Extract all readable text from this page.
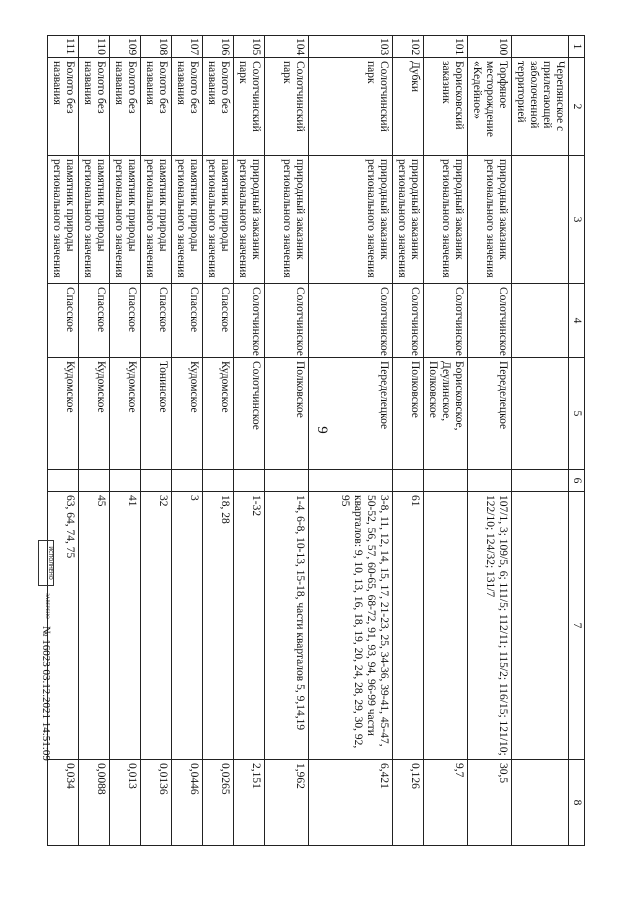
9
1	2	3	4	5	6	7	8
	Черепянское с прилегающей заболоченной территорией						
100	Торфяное месторождение «Кедейное»	природный заказник регионального значения	Солотчинское	Переделецкое		107/1, 3; 109/5, 6; 111/5; 112/11; 115/2; 116/15; 121/10; 122/10; 124/32; 131/7	30,5
101	Борисковский заказник	природный заказник регионального значения	Солотчинское	Борисковское, Деулинское, Полковское			9,7
102	Дубки	природный заказник регионального значения	Солотчинское	Полковское		61	0,126
103	Солотчинский парк	природный заказник регионального значения	Солотчинское	Переделецкое		3-8, 11, 12, 14, 15, 17, 21-23, 25, 34-36, 39-41, 45-47, 50-52, 56, 57, 60-65, 68-72, 91, 93, 94, 96-99 части кварталов: 9, 10, 13, 16, 18, 19, 20, 24, 28, 29, 30, 92, 95	6,421
104	Солотчинский парк	природный заказник регионального значения	Солотчинское	Полковское		1-4, 6-8, 10-13, 15-18, части кварталов 5, 9,14,19	1,962
105	Солотчинский парк	природный заказник регионального значения	Солотчинское	Солотчинское		1-32	2,151
106	Болото без названия	памятник природы регионального значения	Спасское	Кудомское		18, 28	0,0265
107	Болото без названия	памятник природы регионального значения	Спасское	Кудомское		3	0,0446
108	Болото без названия	памятник природы регионального значения	Спасское	Тонинское		32	0,0136
109	Болото без названия	памятник природы регионального значения	Спасское	Кудомское		41	0,013
110	Болото без названия	памятник природы регионального значения	Спасское	Кудомское		45	0,0088
111	Болото без названия	памятник природы регионального значения	Спасское	Кудомское		63, 64, 74, 75	0,034
ИСПОЛНЕНО
ЗАВЕРЕНО
№ 16023 03.12.2021 14:51:09
